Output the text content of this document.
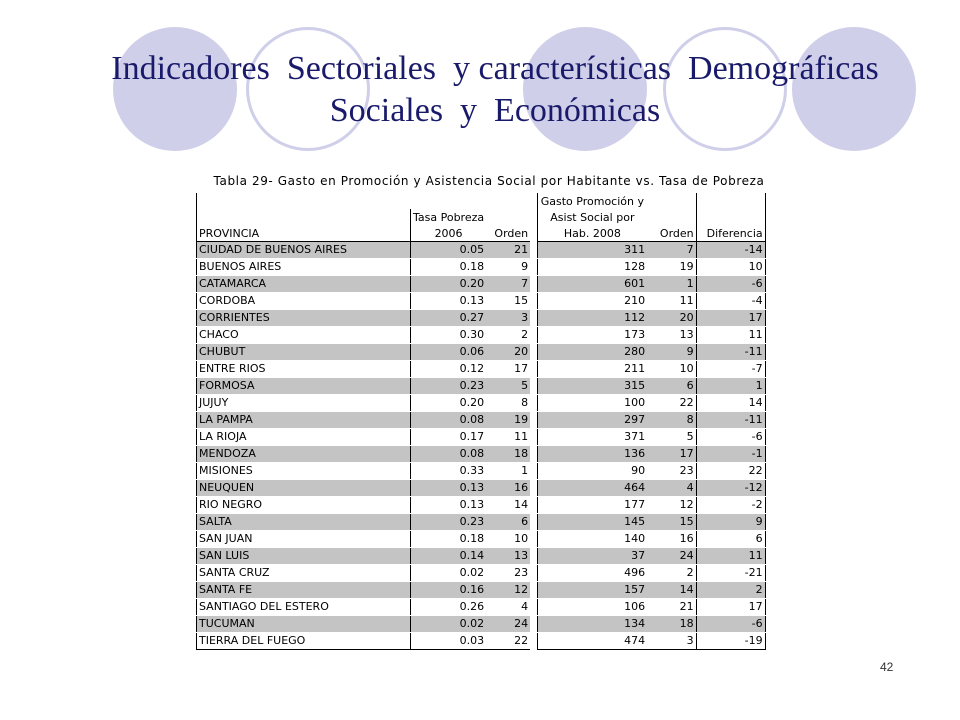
Indicadores  Sectoriales  y características  Demográficas
Sociales  y  Económicas
Tabla 29- Gasto en Promoción y Asistencia Social por Habitante vs. Tasa de Pobreza
				Gasto Promoción y		
	Tasa Pobreza			Asist Social por		
PROVINCIA	2006	Orden		Hab. 2008	Orden	Diferencia
CIUDAD DE BUENOS AIRES	0.05	21		311	7	-14
BUENOS AIRES	0.18	9		128	19	10
CATAMARCA	0.20	7		601	1	-6
CORDOBA	0.13	15		210	11	-4
CORRIENTES	0.27	3		112	20	17
CHACO	0.30	2		173	13	11
CHUBUT	0.06	20		280	9	-11
ENTRE RIOS	0.12	17		211	10	-7
FORMOSA	0.23	5		315	6	1
JUJUY	0.20	8		100	22	14
LA PAMPA	0.08	19		297	8	-11
LA RIOJA	0.17	11		371	5	-6
MENDOZA	0.08	18		136	17	-1
MISIONES	0.33	1		90	23	22
NEUQUEN	0.13	16		464	4	-12
RIO NEGRO	0.13	14		177	12	-2
SALTA	0.23	6		145	15	9
SAN JUAN	0.18	10		140	16	6
SAN LUIS	0.14	13		37	24	11
SANTA CRUZ	0.02	23		496	2	-21
SANTA FE	0.16	12		157	14	2
SANTIAGO DEL ESTERO	0.26	4		106	21	17
TUCUMAN	0.02	24		134	18	-6
TIERRA DEL FUEGO	0.03	22		474	3	-19
42
